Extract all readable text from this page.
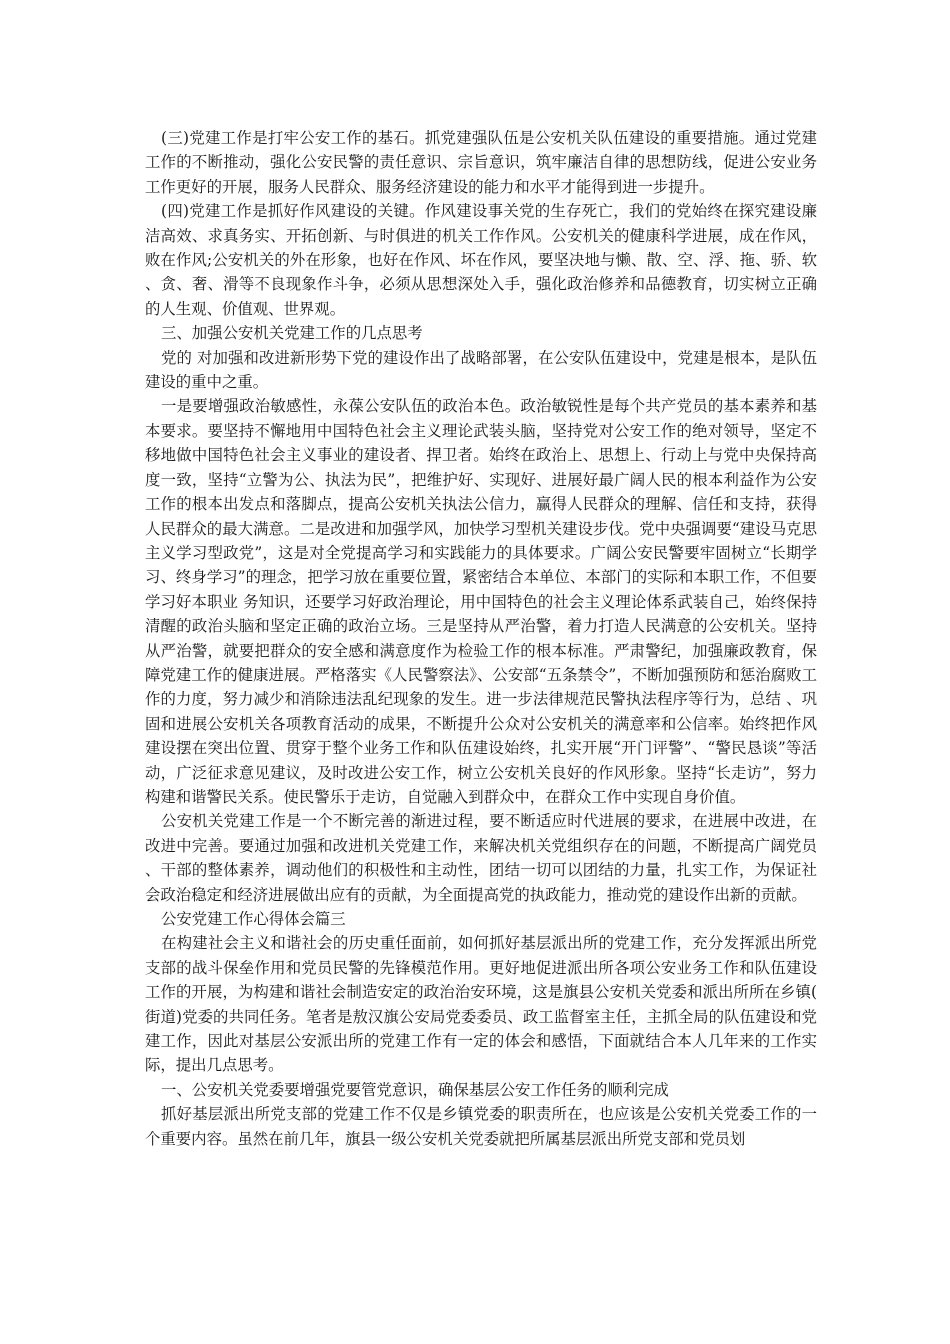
(三)党建工作是打牢公安工作的基石。抓党建强队伍是公安机关队伍建设的重要措施。通过党建工作的不断推动，强化公安民警的责任意识、宗旨意识，筑牢廉洁自律的思想防线，促进公安业务工作更好的开展，服务人民群众、服务经济建设的能力和水平才能得到进一步提升。

(四)党建工作是抓好作风建设的关键。作风建设事关党的生存死亡，我们的党始终在探究建设廉洁高效、求真务实、开拓创新、与时俱进的机关工作作风。公安机关的健康科学进展，成在作风，败在作风;公安机关的外在形象，也好在作风、坏在作风，要坚决地与懒、散、空、浮、拖、骄、软、贪、奢、滑等不良现象作斗争，必须从思想深处入手，强化政治修养和品德教育，切实树立正确的人生观、价值观、世界观。

三、加强公安机关党建工作的几点思考

党的 对加强和改进新形势下党的建设作出了战略部署，在公安队伍建设中，党建是根本，是队伍建设的重中之重。

一是要增强政治敏感性，永葆公安队伍的政治本色。政治敏锐性是每个共产党员的基本素养和基本要求。要坚持不懈地用中国特色社会主义理论武装头脑，坚持党对公安工作的绝对领导，坚定不移地做中国特色社会主义事业的建设者、捍卫者。始终在政治上、思想上、行动上与党中央保持高度一致，坚持“立警为公、执法为民”，把维护好、实现好、进展好最广阔人民的根本利益作为公安工作的根本出发点和落脚点，提高公安机关执法公信力，赢得人民群众的理解、信任和支持，获得人民群众的最大满意。二是改进和加强学风，加快学习型机关建设步伐。党中央强调要“建设马克思主义学习型政党”，这是对全党提高学习和实践能力的具体要求。广阔公安民警要牢固树立“长期学习、终身学习”的理念，把学习放在重要位置，紧密结合本单位、本部门的实际和本职工作，不但要学习好本职业 务知识，还要学习好政治理论，用中国特色的社会主义理论体系武装自己，始终保持清醒的政治头脑和坚定正确的政治立场。三是坚持从严治警，着力打造人民满意的公安机关。坚持从严治警，就要把群众的安全感和满意度作为检验工作的根本标准。严肃警纪，加强廉政教育，保障党建工作的健康进展。严格落实《人民警察法》、公安部“五条禁令”，不断加强预防和惩治腐败工作的力度，努力减少和消除违法乱纪现象的发生。进一步法律规范民警执法程序等行为，总结 、巩固和进展公安机关各项教育活动的成果，不断提升公众对公安机关的满意率和公信率。始终把作风建设摆在突出位置、贯穿于整个业务工作和队伍建设始终，扎实开展“开门评警”、“警民恳谈”等活动，广泛征求意见建议，及时改进公安工作，树立公安机关良好的作风形象。坚持“长走访”，努力构建和谐警民关系。使民警乐于走访，自觉融入到群众中，在群众工作中实现自身价值。

公安机关党建工作是一个不断完善的渐进过程，要不断适应时代进展的要求，在进展中改进，在改进中完善。要通过加强和改进机关党建工作，来解决机关党组织存在的问题，不断提高广阔党员、干部的整体素养，调动他们的积极性和主动性，团结一切可以团结的力量，扎实工作，为保证社会政治稳定和经济进展做出应有的贡献，为全面提高党的执政能力，推动党的建设作出新的贡献。

公安党建工作心得体会篇三

在构建社会主义和谐社会的历史重任面前，如何抓好基层派出所的党建工作，充分发挥派出所党支部的战斗保垒作用和党员民警的先锋模范作用。更好地促进派出所各项公安业务工作和队伍建设工作的开展，为构建和谐社会制造安定的政治治安环境，这是旗县公安机关党委和派出所所在乡镇(街道)党委的共同任务。笔者是敖汉旗公安局党委委员、政工监督室主任，主抓全局的队伍建设和党建工作，因此对基层公安派出所的党建工作有一定的体会和感悟，下面就结合本人几年来的工作实际，提出几点思考。

一、公安机关党委要增强党要管党意识，确保基层公安工作任务的顺利完成

抓好基层派出所党支部的党建工作不仅是乡镇党委的职责所在，也应该是公安机关党委工作的一个重要内容。虽然在前几年，旗县一级公安机关党委就把所属基层派出所党支部和党员划
